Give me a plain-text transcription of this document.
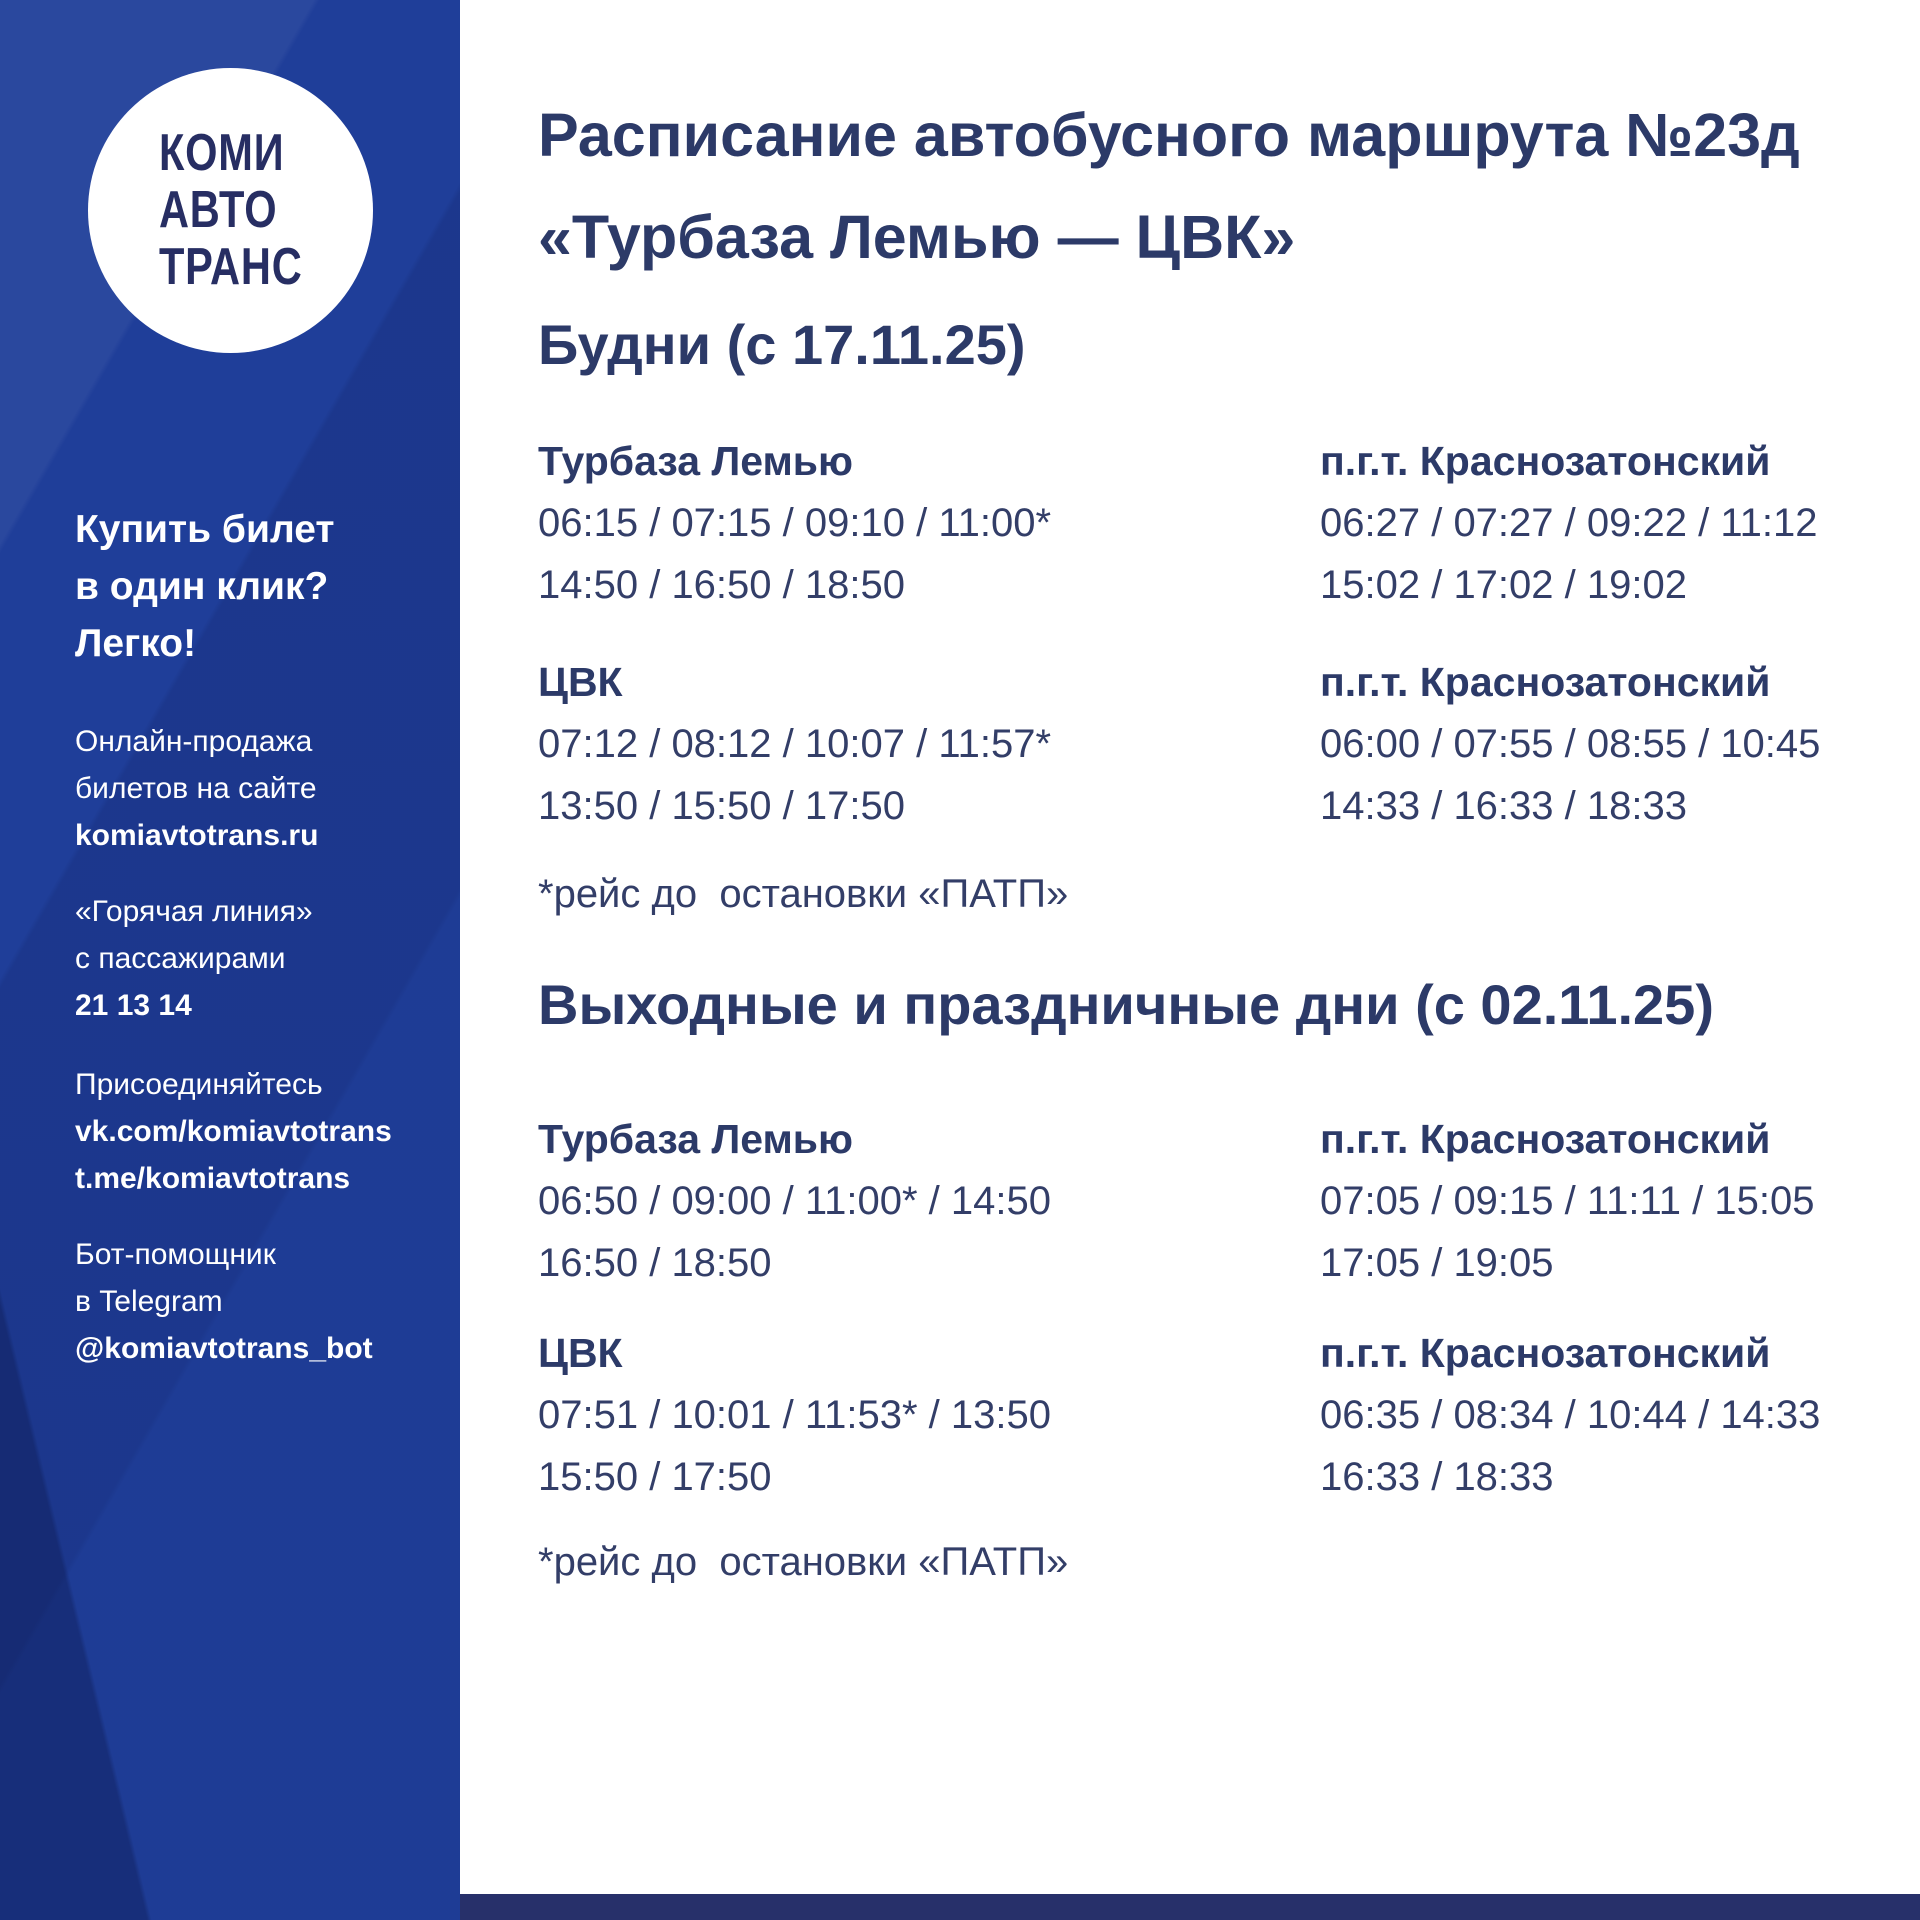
КОМИ
АВТО
ТРАНС
Купить билет
в один клик?
Легко!
Онлайн-продажа
билетов на сайте
komiavtotrans.ru
«Горячая линия»
с пассажирами
21 13 14
Присоединяйтесь
vk.com/komiavtotrans
t.me/komiavtotrans
Бот-помощник
в Telegram
@komiavtotrans_bot
Расписание автобусного маршрута №23д
«Турбаза Лемью — ЦВК»
Будни (с 17.11.25)
Турбаза Лемью
06:15 / 07:15 / 09:10 / 11:00*
14:50 / 16:50 / 18:50
п.г.т. Краснозатонский
06:27 / 07:27 / 09:22 / 11:12
15:02 / 17:02 / 19:02
ЦВК
07:12 / 08:12 / 10:07 / 11:57*
13:50 / 15:50 / 17:50
п.г.т. Краснозатонский
06:00 / 07:55 / 08:55 / 10:45
14:33 / 16:33 / 18:33
*рейс до  остановки «ПАТП»
Выходные и праздничные дни (с 02.11.25)
Турбаза Лемью
06:50 / 09:00 / 11:00* / 14:50
16:50 / 18:50
п.г.т. Краснозатонский
07:05 / 09:15 / 11:11 / 15:05
17:05 / 19:05
ЦВК
07:51 / 10:01 / 11:53* / 13:50
15:50 / 17:50
п.г.т. Краснозатонский
06:35 / 08:34 / 10:44 / 14:33
16:33 / 18:33
*рейс до  остановки «ПАТП»
